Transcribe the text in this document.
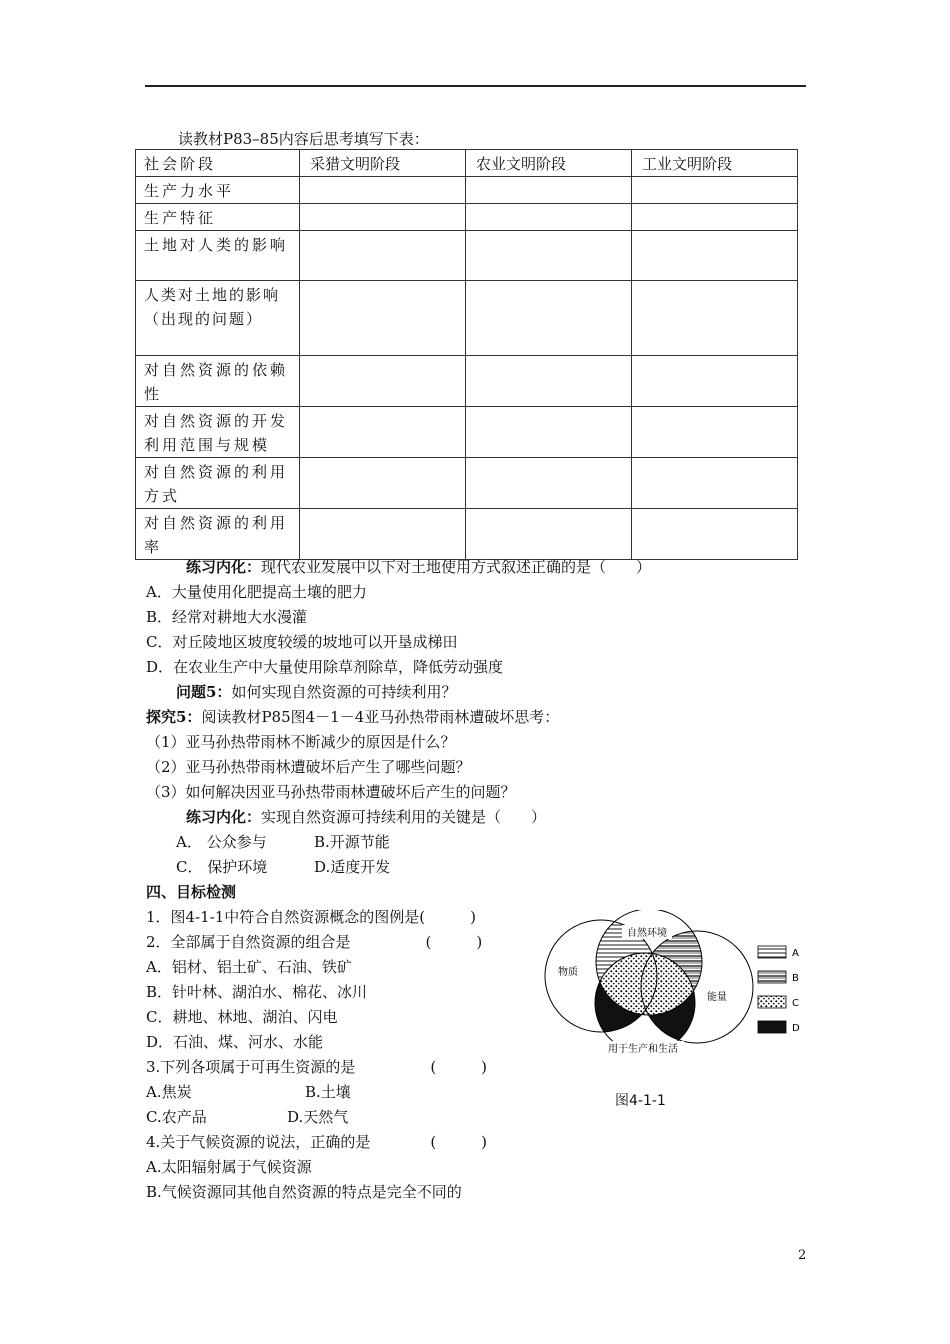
读教材P83–85内容后思考填写下表：
社会阶段	采猎文明阶段	农业文明阶段	工业文明阶段
生产力水平			
生产特征			
土地对人类的影响			
人类对土地的影响（出现的问题）			
对自然资源的依赖性			
对自然资源的开发利用范围与规模			
对自然资源的利用方式			
对自然资源的利用率			
练习内化：现代农业发展中以下对土地使用方式叙述正确的是（　　）
A．大量使用化肥提高土壤的肥力
B．经常对耕地大水漫灌
C．对丘陵地区坡度较缓的坡地可以开垦成梯田
D．在农业生产中大量使用除草剂除草，降低劳动强度
问题5：如何实现自然资源的可持续利用？
探究5：阅读教材P85图4－1－4亚马孙热带雨林遭破坏思考：
（1）亚马孙热带雨林不断减少的原因是什么？
（2）亚马孙热带雨林遭破坏后产生了哪些问题？
（3）如何解决因亚马孙热带雨林遭破坏后产生的问题？
练习内化：实现自然资源可持续利用的关键是（　　）
A． 公众参与	B.开源节能
C． 保护环境	D.适度开发
四、目标检测
1．图4-1-1中符合自然资源概念的图例是(　　　)
2．全部属于自然资源的组合是　　　　　(　　　)
A．铝材、铝土矿、石油、铁矿
B．针叶林、湖泊水、棉花、冰川
C．耕地、林地、湖泊、闪电
D．石油、煤、河水、水能
3.下列各项属于可再生资源的是　　　　　(　　　)
A.焦炭	B.土壤
C.农产品	D.天然气
4.关于气候资源的说法，正确的是　　　　(　　　)
A.太阳辐射属于气候资源
B.气候资源同其他自然资源的特点是完全不同的
自然环境
物质
能量
用于生产和生活
A
B
C
D
图4-1-1
2
